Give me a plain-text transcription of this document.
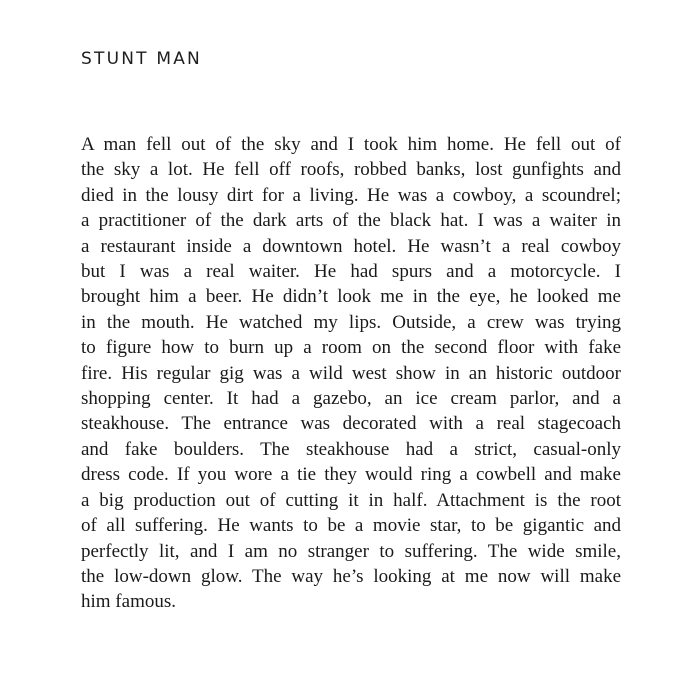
STUNT MAN
A man fell out of the sky and I took him home. He fell out of
the sky a lot. He fell off roofs, robbed banks, lost gunfights and
died in the lousy dirt for a living. He was a cowboy, a scoundrel;
a practitioner of the dark arts of the black hat. I was a waiter in
a restaurant inside a downtown hotel. He wasn’t a real cowboy
but I was a real waiter. He had spurs and a motorcycle. I
brought him a beer. He didn’t look me in the eye, he looked me
in the mouth. He watched my lips. Outside, a crew was trying
to figure how to burn up a room on the second floor with fake
fire. His regular gig was a wild west show in an historic outdoor
shopping center. It had a gazebo, an ice cream parlor, and a
steakhouse. The entrance was decorated with a real stagecoach
and fake boulders. The steakhouse had a strict, casual-only
dress code. If you wore a tie they would ring a cowbell and make
a big production out of cutting it in half. Attachment is the root
of all suffering. He wants to be a movie star, to be gigantic and
perfectly lit, and I am no stranger to suffering. The wide smile,
the low-down glow. The way he’s looking at me now will make
him famous.
